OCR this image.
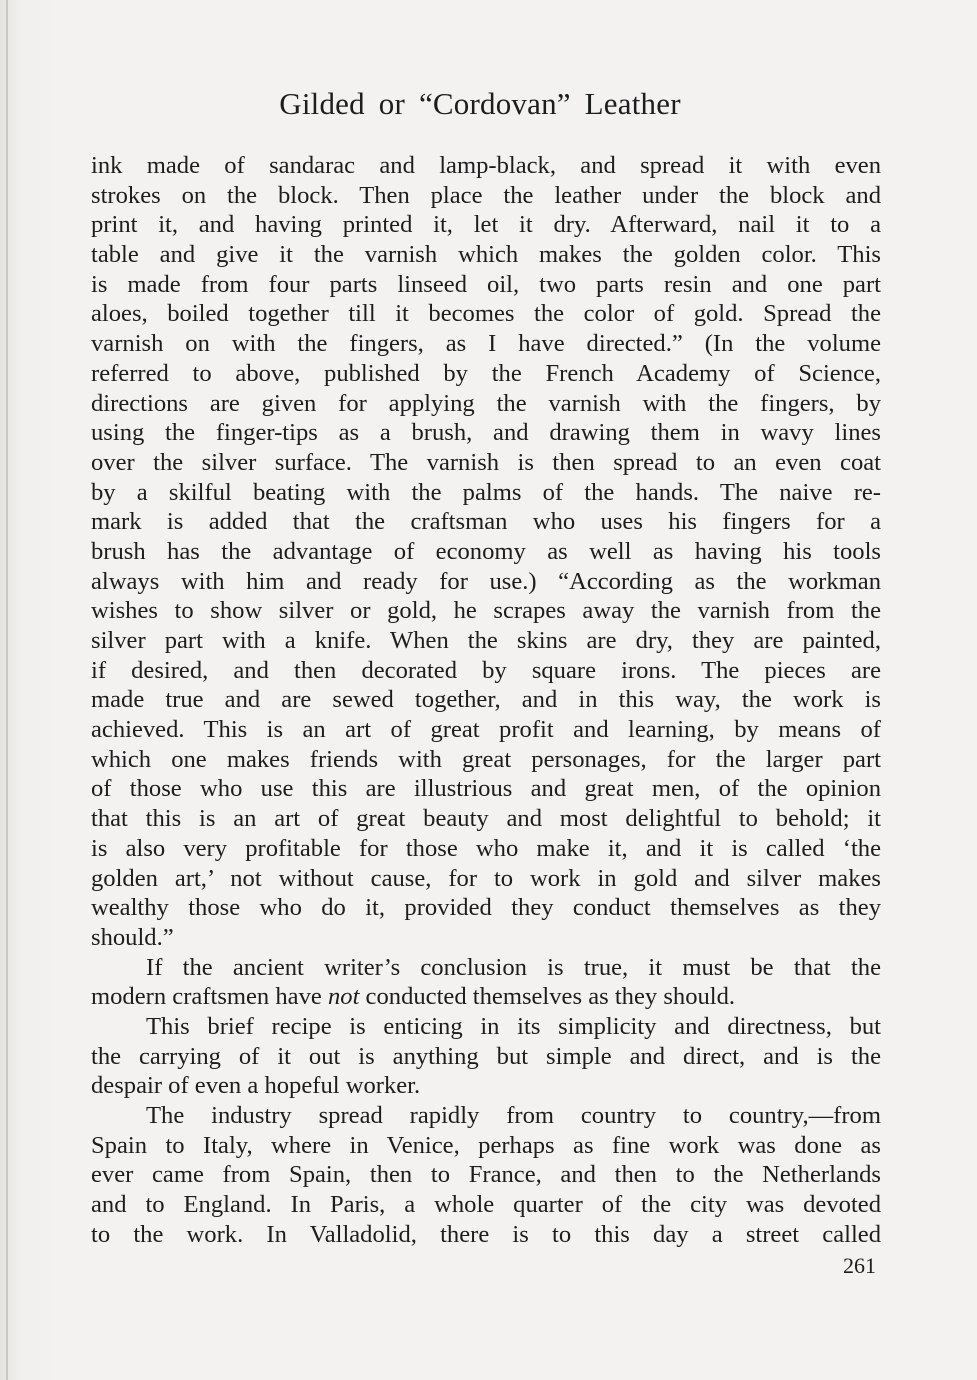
Gilded or “Cordovan” Leather

ink made of sandarac and lamp-black, and spread it with even

strokes on the block. Then place the leather under the block and

print it, and having printed it, let it dry. Afterward, nail it to a

table and give it the varnish which makes the golden color. This

is made from four parts linseed oil, two parts resin and one part

aloes, boiled together till it becomes the color of gold. Spread the

varnish on with the fingers, as I have directed.” (In the volume

referred to above, published by the French Academy of Science,

directions are given for applying the varnish with the fingers, by

using the finger-tips as a brush, and drawing them in wavy lines

over the silver surface. The varnish is then spread to an even coat

by a skilful beating with the palms of the hands. The naive re-

mark is added that the craftsman who uses his fingers for a

brush has the advantage of economy as well as having his tools

always with him and ready for use.) “According as the workman

wishes to show silver or gold, he scrapes away the varnish from the

silver part with a knife. When the skins are dry, they are painted,

if desired, and then decorated by square irons. The pieces are

made true and are sewed together, and in this way, the work is

achieved. This is an art of great profit and learning, by means of

which one makes friends with great personages, for the larger part

of those who use this are illustrious and great men, of the opinion

that this is an art of great beauty and most delightful to behold; it

is also very profitable for those who make it, and it is called ‘the

golden art,’ not without cause, for to work in gold and silver makes

wealthy those who do it, provided they conduct themselves as they

should.”

If the ancient writer’s conclusion is true, it must be that the

modern craftsmen have not conducted themselves as they should.

This brief recipe is enticing in its simplicity and directness, but

the carrying of it out is anything but simple and direct, and is the

despair of even a hopeful worker.

The industry spread rapidly from country to country,—from

Spain to Italy, where in Venice, perhaps as fine work was done as

ever came from Spain, then to France, and then to the Netherlands

and to England. In Paris, a whole quarter of the city was devoted

to the work. In Valladolid, there is to this day a street called

261
